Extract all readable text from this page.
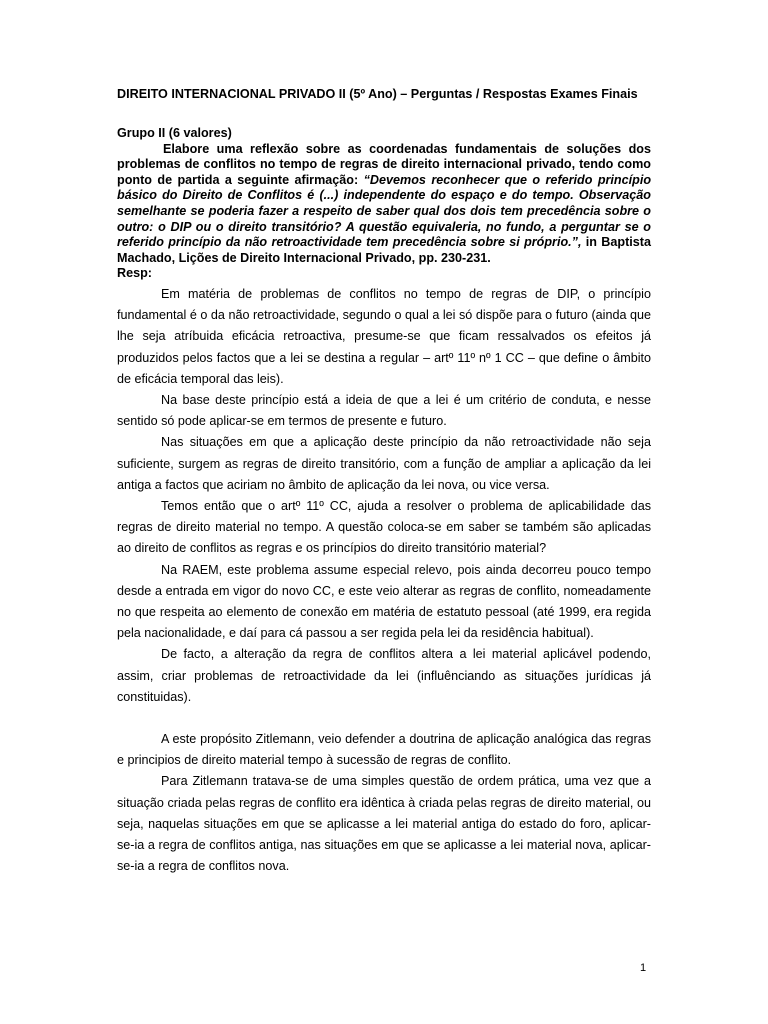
DIREITO INTERNACIONAL PRIVADO II (5º Ano) – Perguntas / Respostas Exames Finais

Grupo II (6 valores)

Elabore uma reflexão sobre as coordenadas fundamentais de soluções dos problemas de conflitos no tempo de regras de direito internacional privado, tendo como ponto de partida a seguinte afirmação: “Devemos reconhecer que o referido princípio básico do Direito de Conflitos é (...) independente do espaço e do tempo. Observação semelhante se poderia fazer a respeito de saber qual dos dois tem precedência sobre o outro: o DIP ou o direito transitório? A questão equivaleria, no fundo, a perguntar se o referido princípio da não retroactividade tem precedência sobre si próprio.”, in Baptista Machado, Lições de Direito Internacional Privado, pp. 230-231.

Resp:

Em matéria de problemas de conflitos no tempo de regras de DIP, o princípio fundamental é o da não retroactividade, segundo o qual a lei só dispõe para o futuro (ainda que lhe seja atríbuida eficácia retroactiva, presume-se que ficam ressalvados os efeitos já produzidos pelos factos que a lei se destina a regular – artº 11º nº 1 CC – que define o âmbito de eficácia temporal das leis).

Na base deste princípio está a ideia de que a lei é um critério de conduta, e nesse sentido só pode aplicar-se em termos de presente e futuro.

Nas situações em que a aplicação deste princípio da não retroactividade não seja suficiente, surgem as regras de direito transitório, com a função de ampliar a aplicação da lei antiga a factos que aciriam no âmbito de aplicação da lei nova, ou vice versa.

Temos então que o artº 11º CC, ajuda a resolver o problema de aplicabilidade das regras de direito material no tempo. A questão coloca-se em saber se também são aplicadas ao direito de conflitos as regras e os princípios do direito transitório material?

Na RAEM, este problema assume especial relevo, pois ainda decorreu pouco tempo desde a entrada em vigor do novo CC, e este veio alterar as regras de conflito, nomeadamente no que respeita ao elemento de conexão em matéria de estatuto pessoal (até 1999, era regida pela nacionalidade, e daí para cá passou a ser regida pela lei da residência habitual).

De facto, a alteração da regra de conflitos altera a lei material aplicável podendo, assim, criar problemas de retroactividade da lei (influênciando as situações jurídicas já constituidas).

A este propósito Zitlemann, veio defender a doutrina de aplicação analógica das regras e principios de direito material tempo à sucessão de regras de conflito.

Para Zitlemann tratava-se de uma simples questão de ordem prática, uma vez que a situação criada pelas regras de conflito era idêntica à criada pelas regras de direito material, ou seja, naquelas situações em que se aplicasse a lei material antiga do estado do foro, aplicar-se-ia a regra de conflitos antiga, nas situações em que se aplicasse a lei material nova, aplicar-se-ia a regra de conflitos nova.

1
